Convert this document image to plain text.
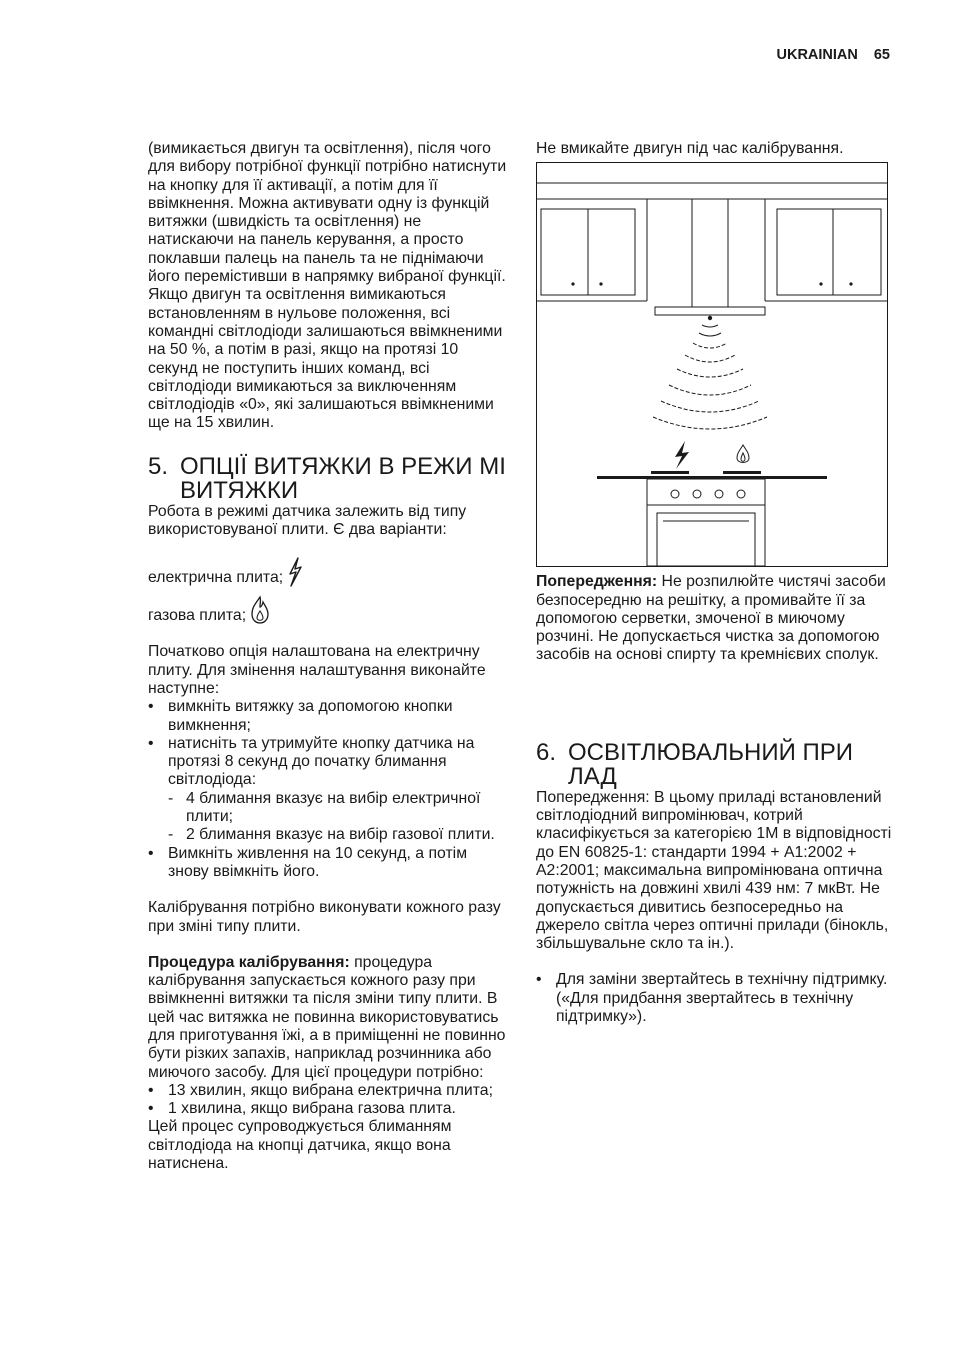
UKRAINIAN 65

(вимикається двигун та освітлення), після чого для вибору потрібної функції потрібно натиснути на кнопку для її активації, а потім для її ввімкнення. Можна активувати одну із функцій витяжки (швидкість та освітлення) не натискаючи на панель керування, а просто поклавши палець на панель та не піднімаючи його перемістивши в напрямку вибраної функції.

Якщо двигун та освітлення вимикаються встановленням в нульове положення, всі командні світлодіоди залишаються ввімкненими на 50 %, а потім в разі, якщо на протязі 10 секунд не поступить інших команд, всі світлодіоди вимикаються за виключенням світлодіодів «0», які залишаються ввімкненими ще на 15 хвилин.

5. ОПЦІЇ ВИТЯЖКИ В РЕЖИ МІ ВИТЯЖКИ

Робота в режимі датчика залежить від типу використовуваної плити. Є два варіанти:

електрична плита;
газова плита;

Початково опція налаштована на електричну плиту. Для змінення налаштування виконайте наступне:

• вимкніть витяжку за допомогою кнопки вимкнення;
• натисніть та утримуйте кнопку датчика на протязі 8 секунд до початку блимання світлодіода:
- 4 блимання вказує на вибір електричної плити;
- 2 блимання вказує на вибір газової плити.
• Вимкніть живлення на 10 секунд, а потім знову ввімкніть його.

Калібрування потрібно виконувати кожного разу при зміні типу плити.

Процедура калібрування: процедура калібрування запускається кожного разу при ввімкненні витяжки та після зміни типу плити. В цей час витяжка не повинна використовуватись для приготування їжі, а в приміщенні не повинно бути різких запахів, наприклад розчинника або миючого засобу. Для цієї процедури потрібно:

• 13 хвилин, якщо вибрана електрична плита;
• 1 хвилина, якщо вибрана газова плита.

Цей процес супроводжується блиманням світлодіода на кнопці датчика, якщо вона натиснена.

Не вмикайте двигун під час калібрування.

Попередження: Не розпилюйте чистячі засоби безпосередню на решітку, а промивайте її за допомогою серветки, змоченої в миючому розчині. Не допускається чистка за допомогою засобів на основі спирту та кремнієвих сполук.

6. ОСВІТЛЮВАЛЬНИЙ ПРИ ЛАД

Попередження: В цьому приладі встановлений світлодіодний випромінювач, котрий класифікується за категорією 1M в відповідності до EN 60825-1: стандарти 1994 + A1:2002 + A2:2001; максимальна випромінювана оптична потужність на довжині хвилі 439 нм: 7 мкВт. Не допускається дивитись безпосередньо на джерело світла через оптичні прилади (бінокль, збільшувальне скло та ін.).

• Для заміни звертайтесь в технічну підтримку. («Для придбання звертайтесь в технічну підтримку»).
